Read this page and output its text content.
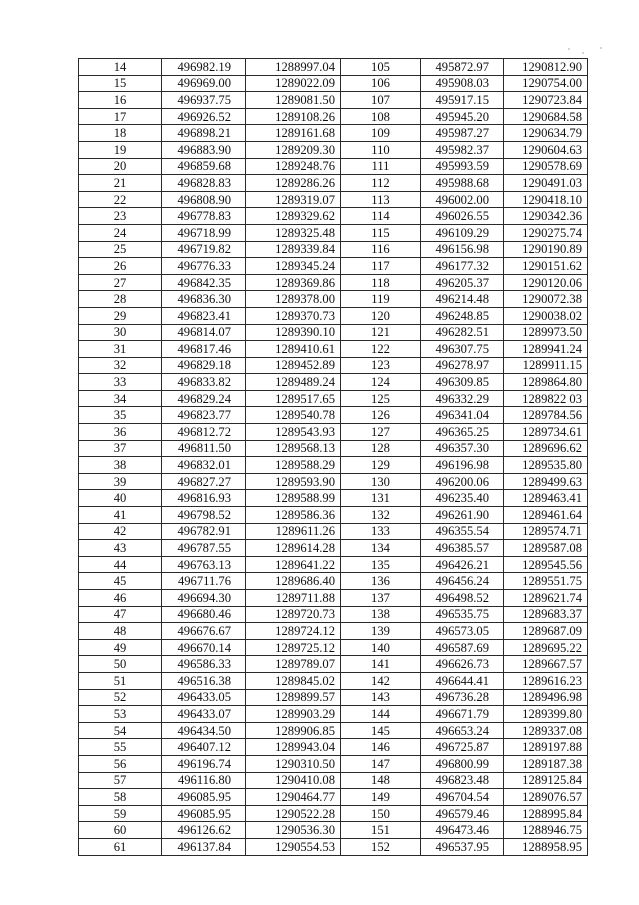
14	496982.19	1288997.04	105	495872.97	1290812.90
15	496969.00	1289022.09	106	495908.03	1290754.00
16	496937.75	1289081.50	107	495917.15	1290723.84
17	496926.52	1289108.26	108	495945.20	1290684.58
18	496898.21	1289161.68	109	495987.27	1290634.79
19	496883.90	1289209.30	110	495982.37	1290604.63
20	496859.68	1289248.76	111	495993.59	1290578.69
21	496828.83	1289286.26	112	495988.68	1290491.03
22	496808.90	1289319.07	113	496002.00	1290418.10
23	496778.83	1289329.62	114	496026.55	1290342.36
24	496718.99	1289325.48	115	496109.29	1290275.74
25	496719.82	1289339.84	116	496156.98	1290190.89
26	496776.33	1289345.24	117	496177.32	1290151.62
27	496842.35	1289369.86	118	496205.37	1290120.06
28	496836.30	1289378.00	119	496214.48	1290072.38
29	496823.41	1289370.73	120	496248.85	1290038.02
30	496814.07	1289390.10	121	496282.51	1289973.50
31	496817.46	1289410.61	122	496307.75	1289941.24
32	496829.18	1289452.89	123	496278.97	1289911.15
33	496833.82	1289489.24	124	496309.85	1289864.80
34	496829.24	1289517.65	125	496332.29	1289822 03
35	496823.77	1289540.78	126	496341.04	1289784.56
36	496812.72	1289543.93	127	496365.25	1289734.61
37	496811.50	1289568.13	128	496357.30	1289696.62
38	496832.01	1289588.29	129	496196.98	1289535.80
39	496827.27	1289593.90	130	496200.06	1289499.63
40	496816.93	1289588.99	131	496235.40	1289463.41
41	496798.52	1289586.36	132	496261.90	1289461.64
42	496782.91	1289611.26	133	496355.54	1289574.71
43	496787.55	1289614.28	134	496385.57	1289587.08
44	496763.13	1289641.22	135	496426.21	1289545.56
45	496711.76	1289686.40	136	496456.24	1289551.75
46	496694.30	1289711.88	137	496498.52	1289621.74
47	496680.46	1289720.73	138	496535.75	1289683.37
48	496676.67	1289724.12	139	496573.05	1289687.09
49	496670.14	1289725.12	140	496587.69	1289695.22
50	496586.33	1289789.07	141	496626.73	1289667.57
51	496516.38	1289845.02	142	496644.41	1289616.23
52	496433.05	1289899.57	143	496736.28	1289496.98
53	496433.07	1289903.29	144	496671.79	1289399.80
54	496434.50	1289906.85	145	496653.24	1289337.08
55	496407.12	1289943.04	146	496725.87	1289197.88
56	496196.74	1290310.50	147	496800.99	1289187.38
57	496116.80	1290410.08	148	496823.48	1289125.84
58	496085.95	1290464.77	149	496704.54	1289076.57
59	496085.95	1290522.28	150	496579.46	1288995.84
60	496126.62	1290536.30	151	496473.46	1288946.75
61	496137.84	1290554.53	152	496537.95	1288958.95
